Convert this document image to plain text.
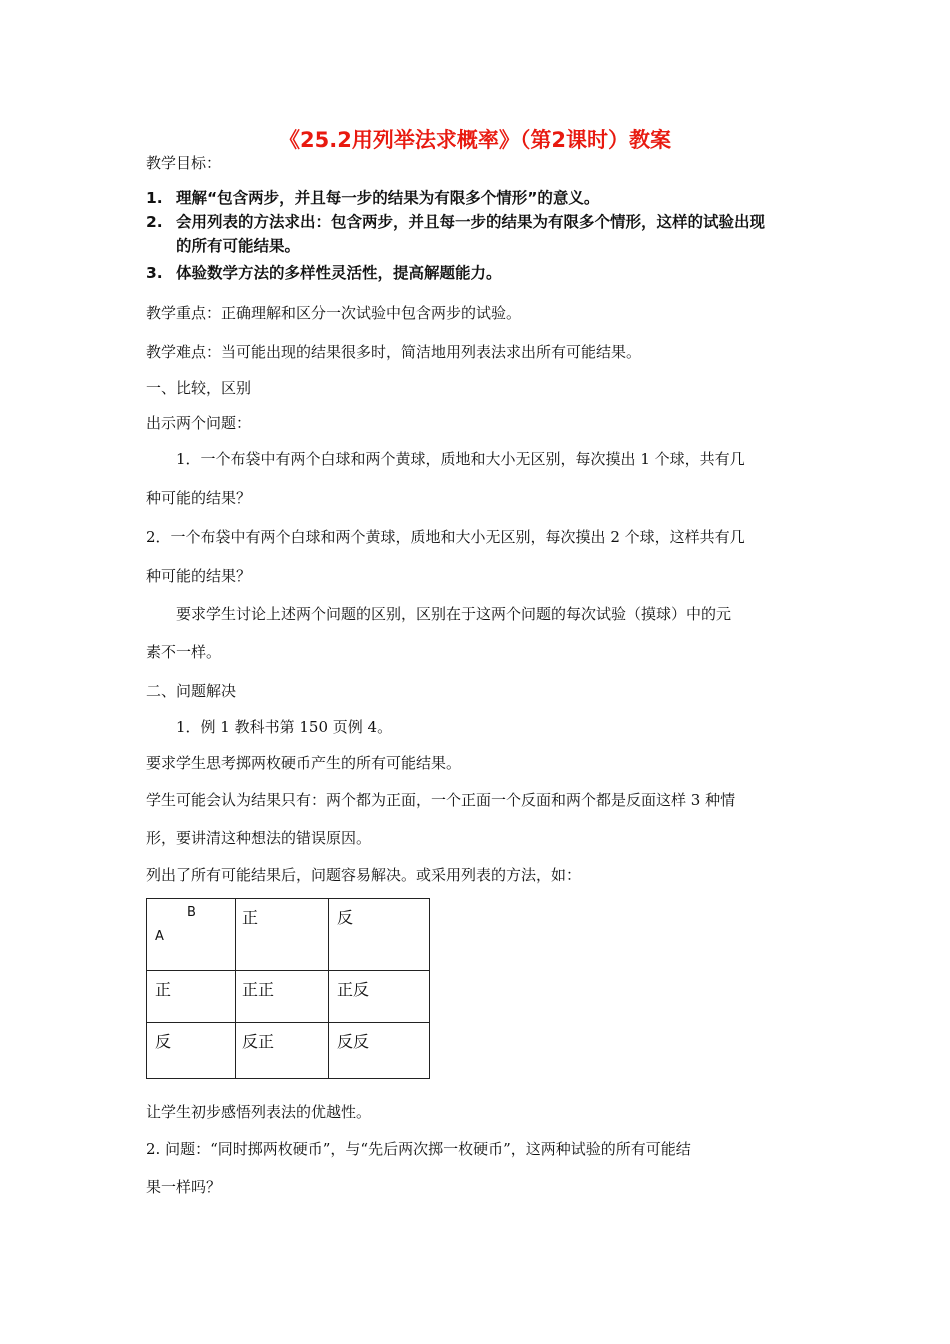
《25.2用列举法求概率》（第2课时）教案
教学目标：
1. 理解“包含两步，并且每一步的结果为有限多个情形”的意义。
2. 会用列表的方法求出：包含两步，并且每一步的结果为有限多个情形，这样的试验出现
的所有可能结果。
3. 体验数学方法的多样性灵活性，提高解题能力。
教学重点：正确理解和区分一次试验中包含两步的试验。
教学难点：当可能出现的结果很多时，简洁地用列表法求出所有可能结果。
一、比较，区别
出示两个问题：
1．一个布袋中有两个白球和两个黄球，质地和大小无区别，每次摸出 1 个球，共有几
种可能的结果？
2．一个布袋中有两个白球和两个黄球，质地和大小无区别，每次摸出 2 个球，这样共有几
种可能的结果？
要求学生讨论上述两个问题的区别，区别在于这两个问题的每次试验（摸球）中的元
素不一样。
二、问题解决
1．例 1 教科书第 150 页例 4。
要求学生思考掷两枚硬币产生的所有可能结果。
学生可能会认为结果只有：两个都为正面，一个正面一个反面和两个都是反面这样 3 种情
形，要讲清这种想法的错误原因。
列出了所有可能结果后，问题容易解决。或采用列表的方法，如：
B
A	正	反

正	正正	正反

反	反正	反反
让学生初步感悟列表法的优越性。
2. 问题：“同时掷两枚硬币”，与“先后两次掷一枚硬币”，这两种试验的所有可能结
果一样吗？
